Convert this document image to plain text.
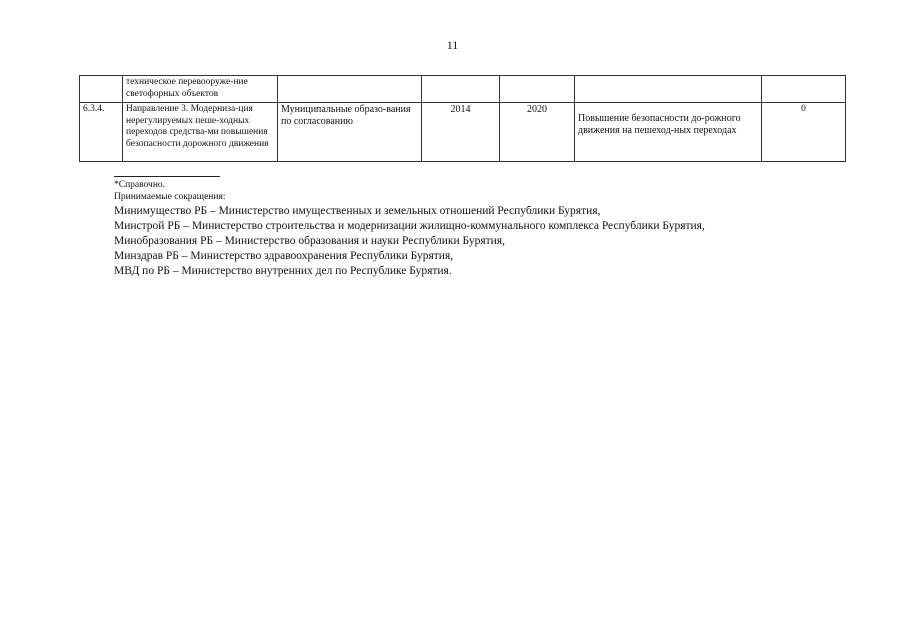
11
	техническое перевооруже-ние светофорных объектов					
6.3.4.	Направление 3. Модерниза-ция нерегулируемых пеше-ходных переходов средства-ми повышения безопасности дорожного движения	Муниципальные образо-вания по согласованию	2014	2020	Повышение безопасности до-рожного движения на пешеход-ных переходах	0
*Справочно.
Принимаемые сокращения:
Минимущество РБ – Министерство имущественных и земельных отношений Республики Бурятия,
Минстрой РБ – Министерство строительства и модернизации жилищно-коммунального комплекса Республики Бурятия,
Минобразования РБ – Министерство образования и науки Республики Бурятия,
Минздрав РБ – Министерство здравоохранения Республики Бурятия,
МВД по РБ – Министерство внутренних дел по Республике Бурятия.
